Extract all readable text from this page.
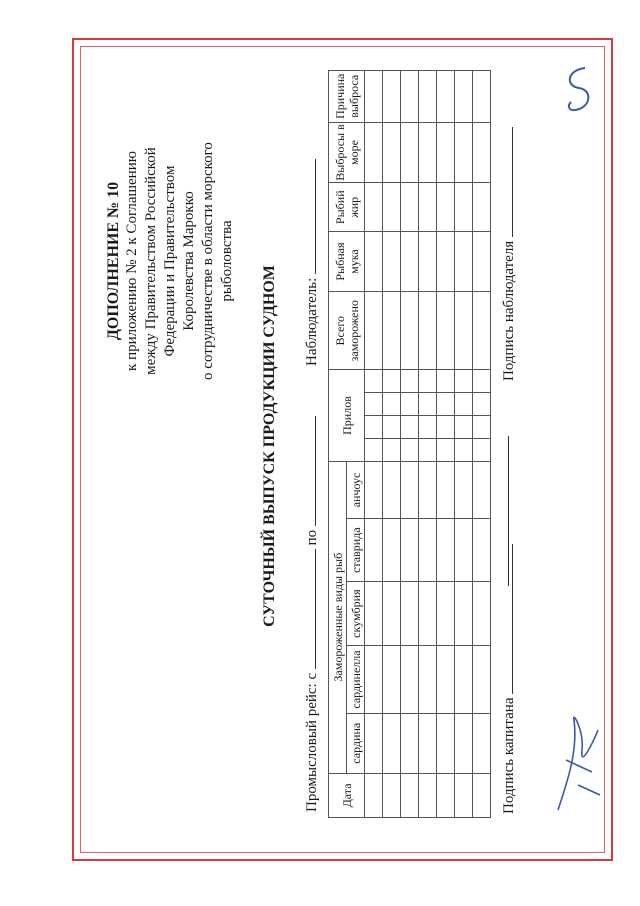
ДОПОЛНЕНИЕ № 10 к приложению № 2 к Соглашению между Правительством Российской Федерации и Правительством Королевства Марокко о сотрудничестве в области морского рыболовства
СУТОЧНЫЙ ВЫПУСК ПРОДУКЦИИ СУДНОМ
Промысловый рейс: с  по
Наблюдатель:
Дата	Замороженные виды рыб					Прилов				Всего заморожено	Рыбная мука	Рыбий жир	Выбросы в море	Причина выброса
	сардина	сардинелла	скумбрия	ставрида	анчоус									

Подпись капитана
Подпись наблюдателя
